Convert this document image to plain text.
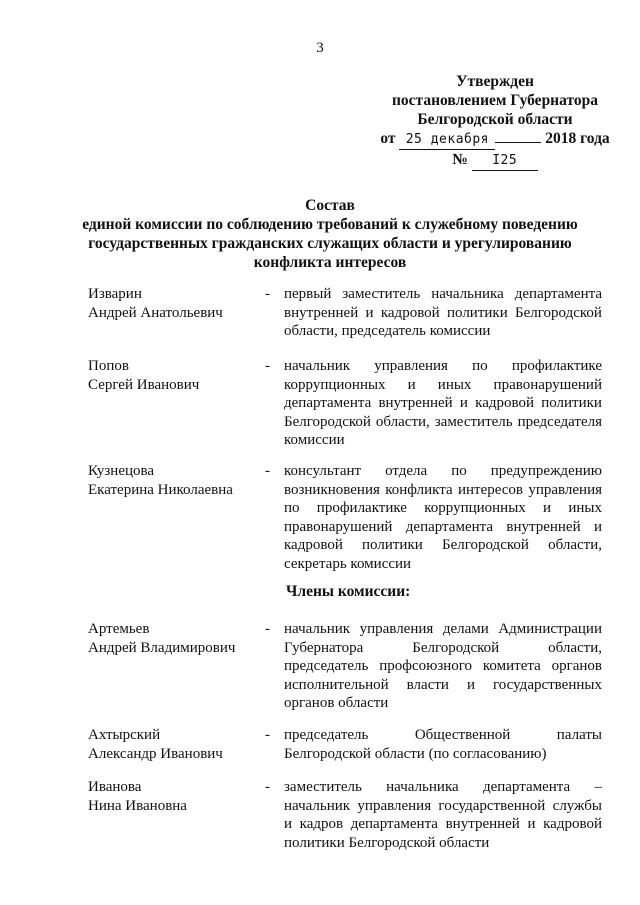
3
Утвержден
постановлением Губернатора
Белгородской области
от 25 декабря	2018 года
№ I25
Состав
единой комиссии по соблюдению требований к служебному поведению
государственных гражданских служащих области и урегулированию
конфликта интересов
Изварин
Андрей Анатольевич
- первый заместитель начальника департамента
внутренней и кадровой политики Белгородской
области, председатель комиссии
Попов
Сергей Иванович
- начальник управления по профилактике
коррупционных и иных правонарушений
департамента внутренней и кадровой политики
Белгородской области, заместитель председателя
комиссии
Кузнецова
Екатерина Николаевна
- консультант отдела по предупреждению
возникновения конфликта интересов управления
по профилактике коррупционных и иных
правонарушений департамента внутренней и
кадровой политики Белгородской области,
секретарь комиссии
Члены комиссии:
Артемьев
Андрей Владимирович
- начальник управления делами Администрации
Губернатора	Белгородской	области,
председатель профсоюзного комитета органов
исполнительной власти и государственных
органов области
Ахтырский
Александр Иванович
- председатель	Общественной	палаты
Белгородской области (по согласованию)
Иванова
Нина Ивановна
- заместитель начальника департамента –
начальник управления государственной службы
и кадров департамента внутренней и кадровой
политики Белгородской области
